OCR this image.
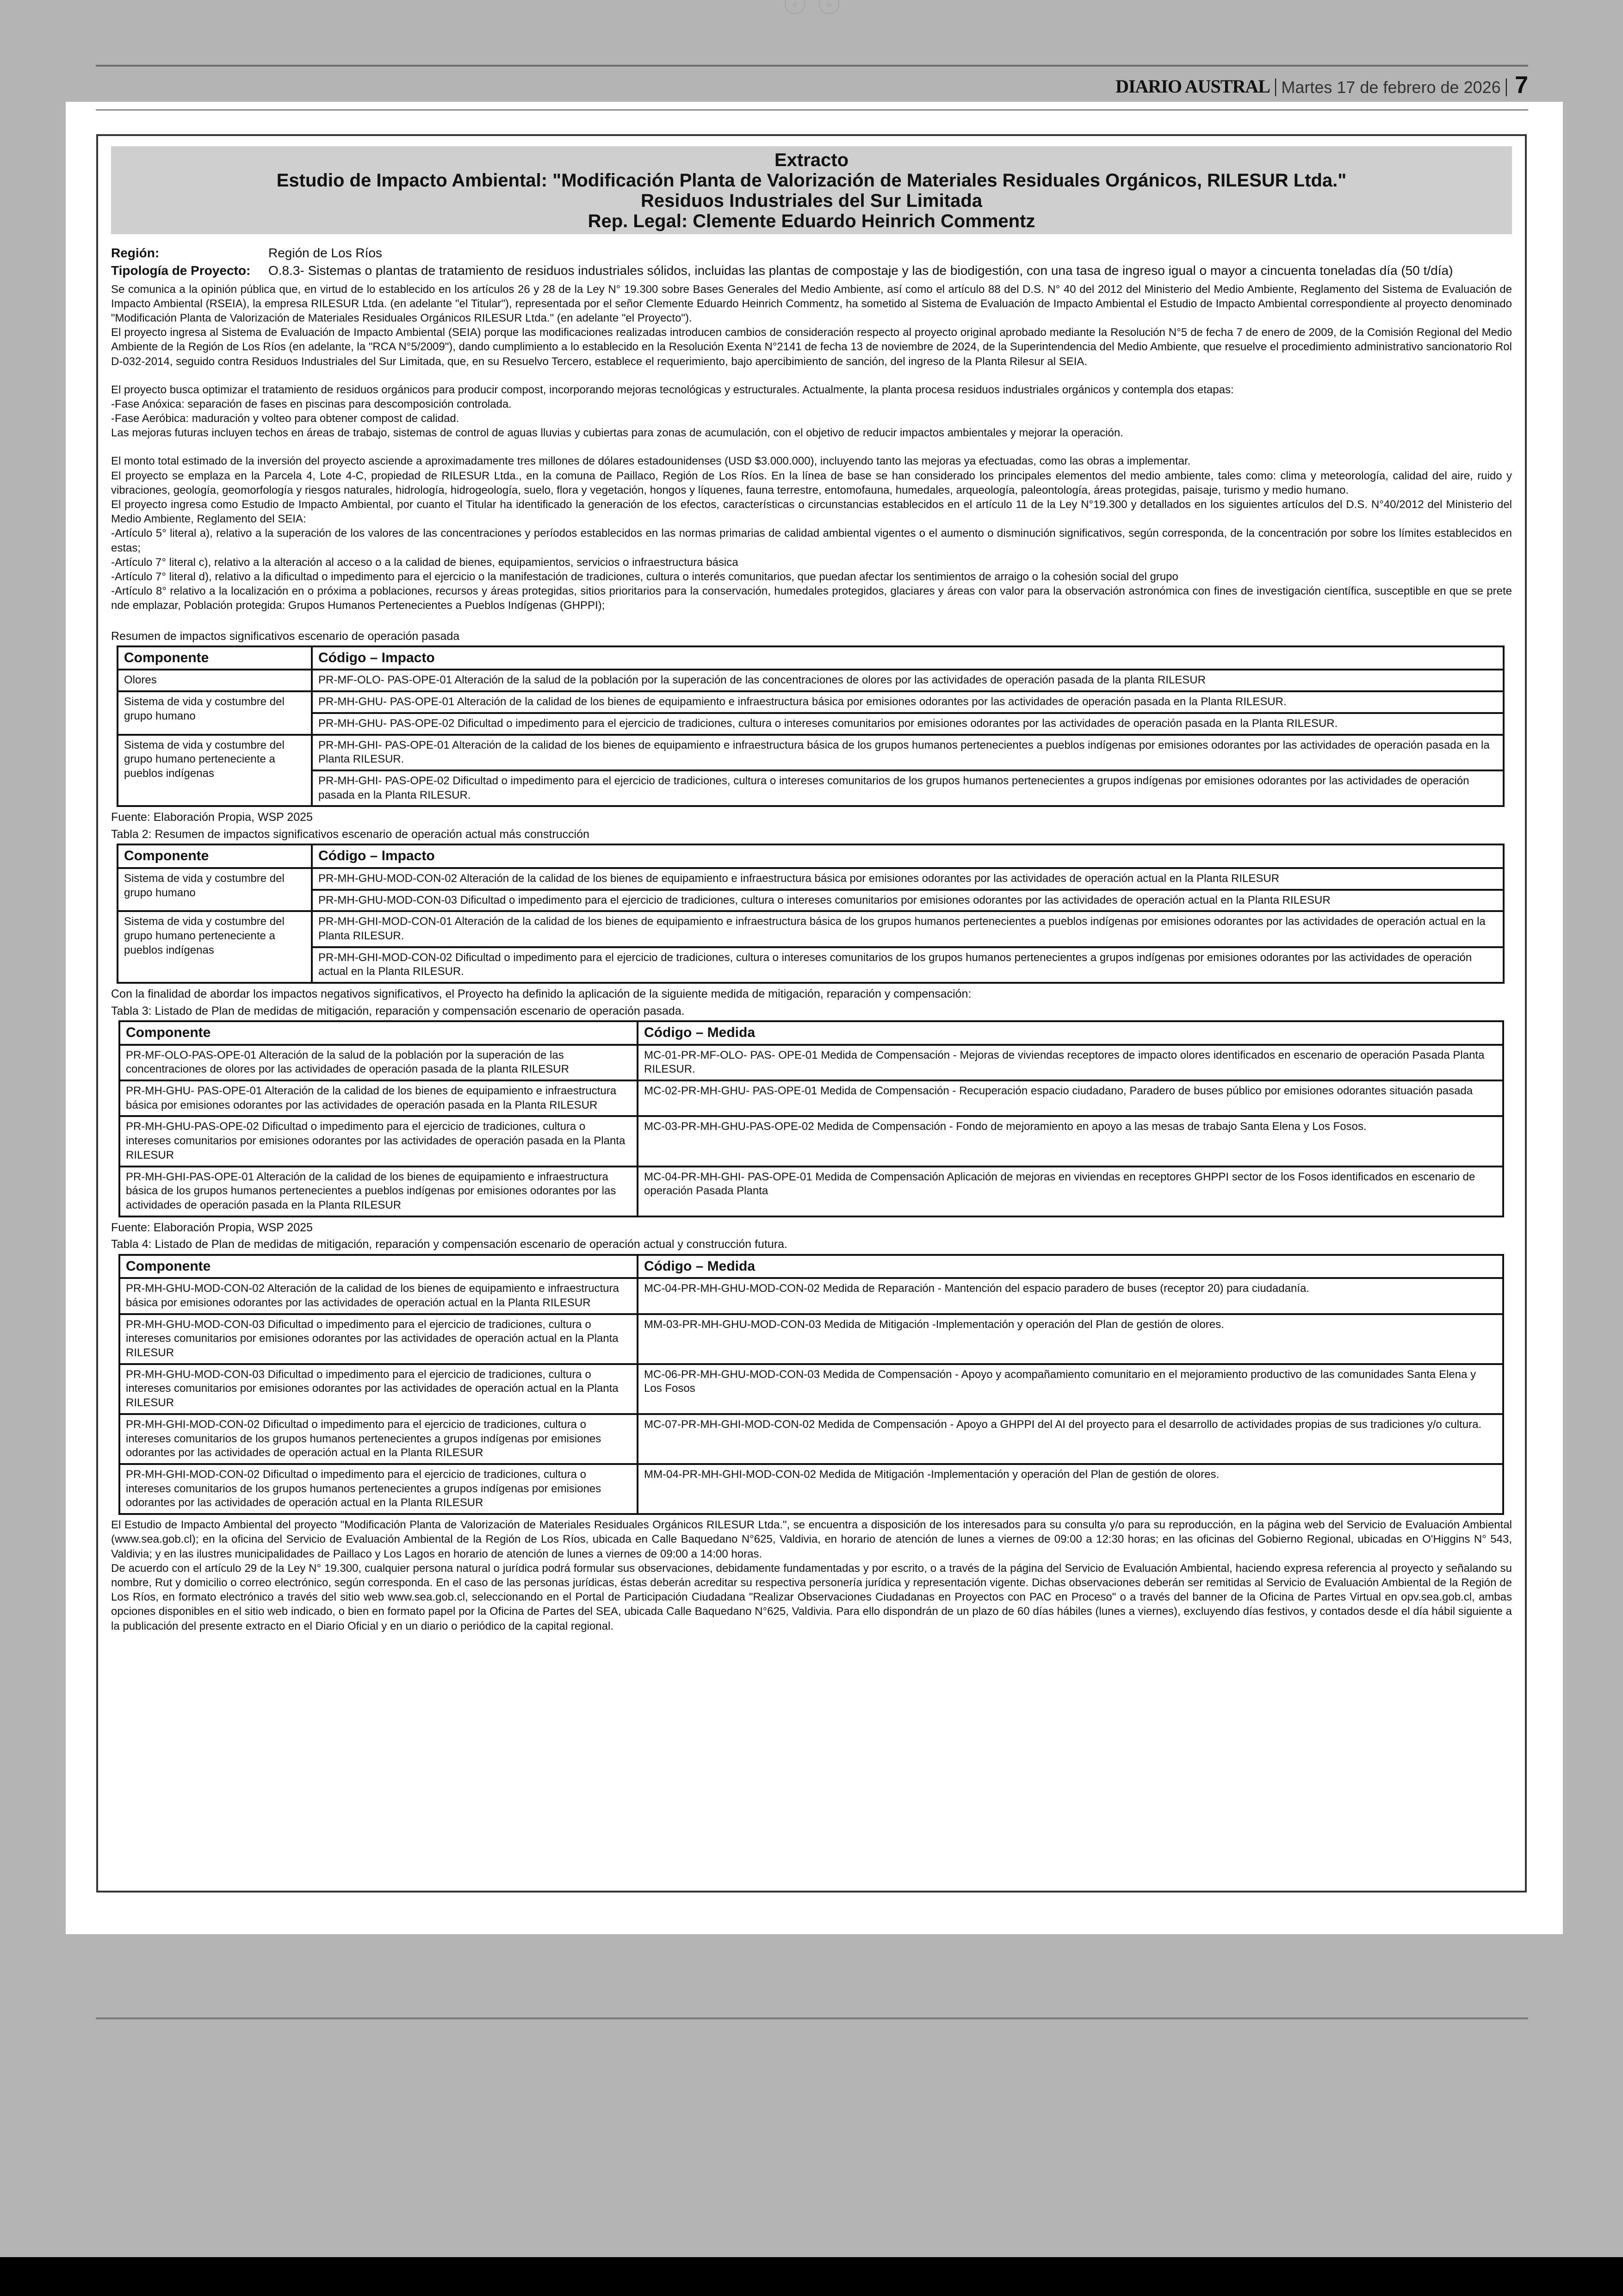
<	>
DIARIO AUSTRAL | Martes 17 de febrero de 2026 | 7
Extracto
Estudio de Impacto Ambiental: "Modificación Planta de Valorización de Materiales Residuales Orgánicos, RILESUR Ltda."
Residuos Industriales del Sur Limitada
Rep. Legal: Clemente Eduardo Heinrich Commentz
Región:	Región de Los Ríos
Tipología de Proyecto:	O.8.3- Sistemas o plantas de tratamiento de residuos industriales sólidos, incluidas las plantas de compostaje y las de biodigestión, con una tasa de ingreso igual o mayor a cincuenta toneladas día (50 t/día)

Se comunica a la opinión pública que, en virtud de lo establecido en los artículos 26 y 28 de la Ley N° 19.300 sobre Bases Generales del Medio Ambiente, así como el artículo 88 del D.S. N° 40 del 2012 del Ministerio del Medio Ambiente, Reglamento del Sistema de Evaluación de Impacto Ambiental (RSEIA), la empresa RILESUR Ltda. (en adelante "el Titular"), representada por el señor Clemente Eduardo Heinrich Commentz, ha sometido al Sistema de Evaluación de Impacto Ambiental el Estudio de Impacto Ambiental correspondiente al proyecto denominado "Modificación Planta de Valorización de Materiales Residuales Orgánicos RILESUR Ltda." (en adelante "el Proyecto").

El proyecto ingresa al Sistema de Evaluación de Impacto Ambiental (SEIA) porque las modificaciones realizadas introducen cambios de consideración respecto al proyecto original aprobado mediante la Resolución N°5 de fecha 7 de enero de 2009, de la Comisión Regional del Medio Ambiente de la Región de Los Ríos (en adelante, la "RCA N°5/2009"), dando cumplimiento a lo establecido en la Resolución Exenta N°2141 de fecha 13 de noviembre de 2024, de la Superintendencia del Medio Ambiente, que resuelve el procedimiento administrativo sancionatorio Rol D-032-2014, seguido contra Residuos Industriales del Sur Limitada, que, en su Resuelvo Tercero, establece el requerimiento, bajo apercibimiento de sanción, del ingreso de la Planta Rilesur al SEIA.

El proyecto busca optimizar el tratamiento de residuos orgánicos para producir compost, incorporando mejoras tecnológicas y estructurales. Actualmente, la planta procesa residuos industriales orgánicos y contempla dos etapas:

-Fase Anóxica: separación de fases en piscinas para descomposición controlada.

-Fase Aeróbica: maduración y volteo para obtener compost de calidad.

Las mejoras futuras incluyen techos en áreas de trabajo, sistemas de control de aguas lluvias y cubiertas para zonas de acumulación, con el objetivo de reducir impactos ambientales y mejorar la operación.

El monto total estimado de la inversión del proyecto asciende a aproximadamente tres millones de dólares estadounidenses (USD $3.000.000), incluyendo tanto las mejoras ya efectuadas, como las obras a implementar.

El proyecto se emplaza en la Parcela 4, Lote 4-C, propiedad de RILESUR Ltda., en la comuna de Paillaco, Región de Los Ríos. En la línea de base se han considerado los principales elementos del medio ambiente, tales como: clima y meteorología, calidad del aire, ruido y vibraciones, geología, geomorfología y riesgos naturales, hidrología, hidrogeología, suelo, flora y vegetación, hongos y líquenes, fauna terrestre, entomofauna, humedales, arqueología, paleontología, áreas protegidas, paisaje, turismo y medio humano.

El proyecto ingresa como Estudio de Impacto Ambiental, por cuanto el Titular ha identificado la generación de los efectos, características o circunstancias establecidos en el artículo 11 de la Ley N°19.300 y detallados en los siguientes artículos del D.S. N°40/2012 del Ministerio del Medio Ambiente, Reglamento del SEIA:

-Artículo 5° literal a), relativo a la superación de los valores de las concentraciones y períodos establecidos en las normas primarias de calidad ambiental vigentes o el aumento o disminución significativos, según corresponda, de la concentración por sobre los límites establecidos en estas;

-Artículo 7° literal c), relativo a la alteración al acceso o a la calidad de bienes, equipamientos, servicios o infraestructura básica

-Artículo 7° literal d), relativo a la dificultad o impedimento para el ejercicio o la manifestación de tradiciones, cultura o interés comunitarios, que puedan afectar los sentimientos de arraigo o la cohesión social del grupo

-Artículo 8° relativo a la localización en o próxima a poblaciones, recursos y áreas protegidas, sitios prioritarios para la conservación, humedales protegidos, glaciares y áreas con valor para la observación astronómica con fines de investigación científica, susceptible en que se prete nde emplazar, Población protegida: Grupos Humanos Pertenecientes a Pueblos Indígenas (GHPPI);

Resumen de impactos significativos escenario de operación pasada
Componente	Código – Impacto
Olores	PR-MF-OLO- PAS-OPE-01 Alteración de la salud de la población por la superación de las concentraciones de olores por las actividades de operación pasada de la planta RILESUR
Sistema de vida y costumbre del grupo humano	PR-MH-GHU- PAS-OPE-01 Alteración de la calidad de los bienes de equipamiento e infraestructura básica por emisiones odorantes por las actividades de operación pasada en la Planta RILESUR.
	PR-MH-GHU- PAS-OPE-02 Dificultad o impedimento para el ejercicio de tradiciones, cultura o intereses comunitarios por emisiones odorantes por las actividades de operación pasada en la Planta RILESUR.
Sistema de vida y costumbre del grupo humano perteneciente a pueblos indígenas	PR-MH-GHI- PAS-OPE-01 Alteración de la calidad de los bienes de equipamiento e infraestructura básica de los grupos humanos pertenecientes a pueblos indígenas por emisiones odorantes por las actividades de operación pasada en la Planta RILESUR.
	PR-MH-GHI- PAS-OPE-02 Dificultad o impedimento para el ejercicio de tradiciones, cultura o intereses comunitarios de los grupos humanos pertenecientes a grupos indígenas por emisiones odorantes por las actividades de operación pasada en la Planta RILESUR.
Fuente: Elaboración Propia, WSP 2025
Tabla 2: Resumen de impactos significativos escenario de operación actual más construcción
Componente	Código – Impacto
Sistema de vida y costumbre del grupo humano	PR-MH-GHU-MOD-CON-02 Alteración de la calidad de los bienes de equipamiento e infraestructura básica por emisiones odorantes por las actividades de operación actual en la Planta RILESUR
	PR-MH-GHU-MOD-CON-03 Dificultad o impedimento para el ejercicio de tradiciones, cultura o intereses comunitarios por emisiones odorantes por las actividades de operación actual en la Planta RILESUR
Sistema de vida y costumbre del grupo humano perteneciente a pueblos indígenas	PR-MH-GHI-MOD-CON-01 Alteración de la calidad de los bienes de equipamiento e infraestructura básica de los grupos humanos pertenecientes a pueblos indígenas por emisiones odorantes por las actividades de operación actual en la Planta RILESUR.
	PR-MH-GHI-MOD-CON-02 Dificultad o impedimento para el ejercicio de tradiciones, cultura o intereses comunitarios de los grupos humanos pertenecientes a grupos indígenas por emisiones odorantes por las actividades de operación actual en la Planta RILESUR.
Con la finalidad de abordar los impactos negativos significativos, el Proyecto ha definido la aplicación de la siguiente medida de mitigación, reparación y compensación:
Tabla 3: Listado de Plan de medidas de mitigación, reparación y compensación escenario de operación pasada.
Componente	Código – Medida
PR-MF-OLO-PAS-OPE-01 Alteración de la salud de la población por la superación de las concentraciones de olores por las actividades de operación pasada de la planta RILESUR	MC-01-PR-MF-OLO- PAS- OPE-01 Medida de Compensación - Mejoras de viviendas receptores de impacto olores identificados en escenario de operación Pasada Planta RILESUR.
PR-MH-GHU- PAS-OPE-01 Alteración de la calidad de los bienes de equipamiento e infraestructura básica por emisiones odorantes por las actividades de operación pasada en la Planta RILESUR	MC-02-PR-MH-GHU- PAS-OPE-01 Medida de Compensación - Recuperación espacio ciudadano, Paradero de buses público por emisiones odorantes situación pasada
PR-MH-GHU-PAS-OPE-02 Dificultad o impedimento para el ejercicio de tradiciones, cultura o intereses comunitarios por emisiones odorantes por las actividades de operación pasada en la Planta RILESUR	MC-03-PR-MH-GHU-PAS-OPE-02 Medida de Compensación - Fondo de mejoramiento en apoyo a las mesas de trabajo Santa Elena y Los Fosos.
PR-MH-GHI-PAS-OPE-01 Alteración de la calidad de los bienes de equipamiento e infraestructura básica de los grupos humanos pertenecientes a pueblos indígenas por emisiones odorantes por las actividades de operación pasada en la Planta RILESUR	MC-04-PR-MH-GHI- PAS-OPE-01 Medida de Compensación Aplicación de mejoras en viviendas en receptores GHPPI sector de los Fosos identificados en escenario de operación Pasada Planta
Fuente: Elaboración Propia, WSP 2025
Tabla 4: Listado de Plan de medidas de mitigación, reparación y compensación escenario de operación actual y construcción futura.
Componente	Código – Medida
PR-MH-GHU-MOD-CON-02 Alteración de la calidad de los bienes de equipamiento e infraestructura básica por emisiones odorantes por las actividades de operación actual en la Planta RILESUR	MC-04-PR-MH-GHU-MOD-CON-02 Medida de Reparación - Mantención del espacio paradero de buses (receptor 20) para ciudadanía.
PR-MH-GHU-MOD-CON-03 Dificultad o impedimento para el ejercicio de tradiciones, cultura o intereses comunitarios por emisiones odorantes por las actividades de operación actual en la Planta RILESUR	MM-03-PR-MH-GHU-MOD-CON-03 Medida de Mitigación -Implementación y operación del Plan de gestión de olores.
PR-MH-GHU-MOD-CON-03 Dificultad o impedimento para el ejercicio de tradiciones, cultura o intereses comunitarios por emisiones odorantes por las actividades de operación actual en la Planta RILESUR	MC-06-PR-MH-GHU-MOD-CON-03 Medida de Compensación - Apoyo y acompañamiento comunitario en el mejoramiento productivo de las comunidades Santa Elena y Los Fosos
PR-MH-GHI-MOD-CON-02 Dificultad o impedimento para el ejercicio de tradiciones, cultura o intereses comunitarios de los grupos humanos pertenecientes a grupos indígenas por emisiones odorantes por las actividades de operación actual en la Planta RILESUR	MC-07-PR-MH-GHI-MOD-CON-02 Medida de Compensación - Apoyo a GHPPI del AI del proyecto para el desarrollo de actividades propias de sus tradiciones y/o cultura.
PR-MH-GHI-MOD-CON-02 Dificultad o impedimento para el ejercicio de tradiciones, cultura o intereses comunitarios de los grupos humanos pertenecientes a grupos indígenas por emisiones odorantes por las actividades de operación actual en la Planta RILESUR	MM-04-PR-MH-GHI-MOD-CON-02 Medida de Mitigación -Implementación y operación del Plan de gestión de olores.

El Estudio de Impacto Ambiental del proyecto "Modificación Planta de Valorización de Materiales Residuales Orgánicos RILESUR Ltda.", se encuentra a disposición de los interesados para su consulta y/o para su reproducción, en la página web del Servicio de Evaluación Ambiental (www.sea.gob.cl); en la oficina del Servicio de Evaluación Ambiental de la Región de Los Ríos, ubicada en Calle Baquedano N°625, Valdivia, en horario de atención de lunes a viernes de 09:00 a 12:30 horas; en las oficinas del Gobierno Regional, ubicadas en O'Higgins N° 543, Valdivia; y en las ilustres municipalidades de Paillaco y Los Lagos en horario de atención de lunes a viernes de 09:00 a 14:00 horas.

De acuerdo con el artículo 29 de la Ley N° 19.300, cualquier persona natural o jurídica podrá formular sus observaciones, debidamente fundamentadas y por escrito, o a través de la página del Servicio de Evaluación Ambiental, haciendo expresa referencia al proyecto y señalando su nombre, Rut y domicilio o correo electrónico, según corresponda. En el caso de las personas jurídicas, éstas deberán acreditar su respectiva personería jurídica y representación vigente. Dichas observaciones deberán ser remitidas al Servicio de Evaluación Ambiental de la Región de Los Ríos, en formato electrónico a través del sitio web www.sea.gob.cl, seleccionando en el Portal de Participación Ciudadana "Realizar Observaciones Ciudadanas en Proyectos con PAC en Proceso" o a través del banner de la Oficina de Partes Virtual en opv.sea.gob.cl, ambas opciones disponibles en el sitio web indicado, o bien en formato papel por la Oficina de Partes del SEA, ubicada Calle Baquedano N°625, Valdivia. Para ello dispondrán de un plazo de 60 días hábiles (lunes a viernes), excluyendo días festivos, y contados desde el día hábil siguiente a la publicación del presente extracto en el Diario Oficial y en un diario o periódico de la capital regional.
